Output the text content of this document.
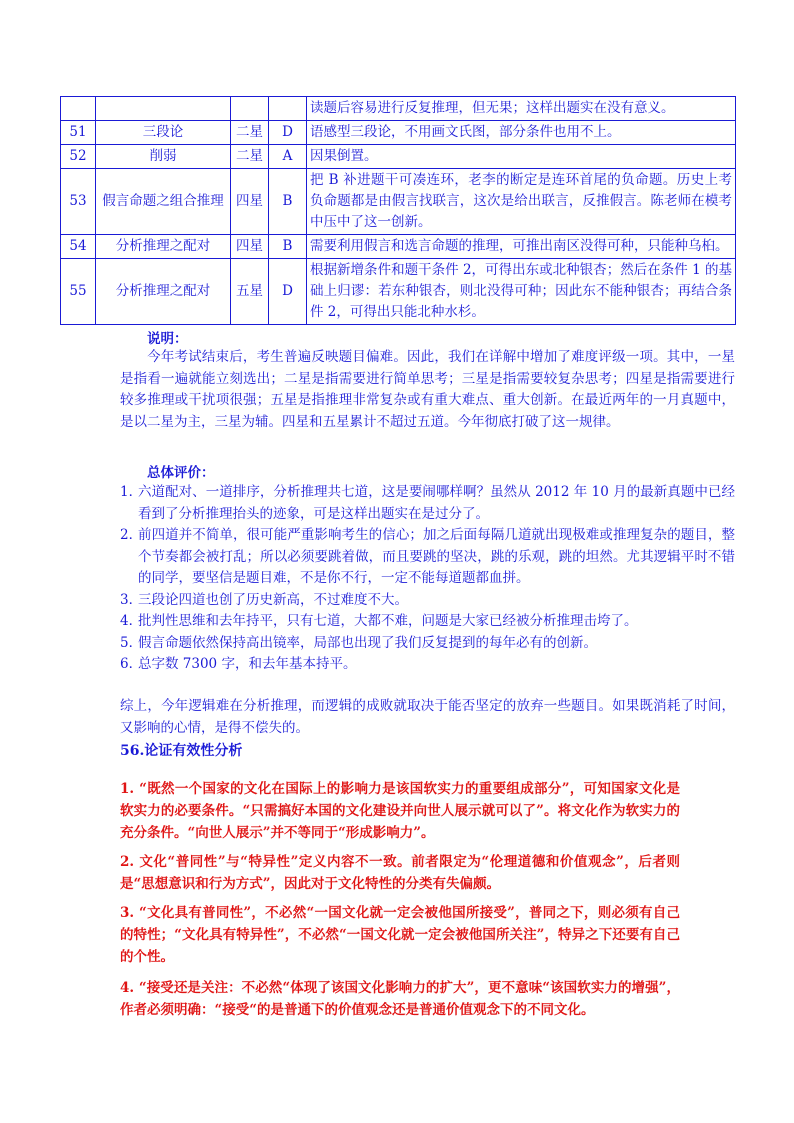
				读题后容易进行反复推理，但无果；这样出题实在没有意义。
51	三段论	二星	D	语感型三段论，不用画文氏图，部分条件也用不上。
52	削弱	二星	A	因果倒置。
53	假言命题之组合推理	四星	B	把 B 补进题干可凑连环，老李的断定是连环首尾的负命题。历史上考负命题都是由假言找联言，这次是给出联言，反推假言。陈老师在模考中压中了这一创新。
54	分析推理之配对	四星	B	需要利用假言和选言命题的推理，可推出南区没得可种，只能种乌桕。
55	分析推理之配对	五星	D	根据新增条件和题干条件 2，可得出东或北种银杏；然后在条件 1 的基础上归谬：若东种银杏，则北没得可种；因此东不能种银杏；再结合条件 2，可得出只能北种水杉。
说明：
今年考试结束后，考生普遍反映题目偏难。因此，我们在详解中增加了难度评级一项。其中，一星是指看一遍就能立刻选出；二星是指需要进行简单思考；三星是指需要较复杂思考；四星是指需要进行较多推理或干扰项很强；五星是指推理非常复杂或有重大难点、重大创新。在最近两年的一月真题中，是以二星为主，三星为辅。四星和五星累计不超过五道。今年彻底打破了这一规律。
总体评价：
1．
六道配对、一道排序，分析推理共七道，这是要闹哪样啊？虽然从 2012 年 10 月的最新真题中已经看到了分析推理抬头的迹象，可是这样出题实在是过分了。
2．
前四道并不简单，很可能严重影响考生的信心；加之后面每隔几道就出现极难或推理复杂的题目，整个节奏都会被打乱；所以必须要跳着做，而且要跳的坚决，跳的乐观，跳的坦然。尤其逻辑平时不错的同学，要坚信是题目难，不是你不行，一定不能每道题都血拼。
3．
三段论四道也创了历史新高，不过难度不大。
4．
批判性思维和去年持平，只有七道，大都不难，问题是大家已经被分析推理击垮了。
5．
假言命题依然保持高出镜率，局部也出现了我们反复提到的每年必有的创新。
6．
总字数 7300 字，和去年基本持平。
综上，今年逻辑难在分析推理，而逻辑的成败就取决于能否坚定的放弃一些题目。如果既消耗了时间，又影响的心情，是得不偿失的。
56.论证有效性分析
1. “既然一个国家的文化在国际上的影响力是该国软实力的重要组成部分”，可知国家文化是软实力的必要条件。“只需搞好本国的文化建设并向世人展示就可以了”。将文化作为软实力的充分条件。“向世人展示”并不等同于“形成影响力”。
2. 文化“普同性”与“特异性”定义内容不一致。前者限定为“伦理道德和价值观念”，后者则是“思想意识和行为方式”，因此对于文化特性的分类有失偏颇。
3. “文化具有普同性”，不必然“一国文化就一定会被他国所接受”，普同之下，则必须有自己的特性；“文化具有特异性”，不必然“一国文化就一定会被他国所关注”，特异之下还要有自己的个性。
4. “接受还是关注：不必然“体现了该国文化影响力的扩大”，更不意味“该国软实力的增强”，作者必须明确：“接受“的是普通下的价值观念还是普通价值观念下的不同文化。
